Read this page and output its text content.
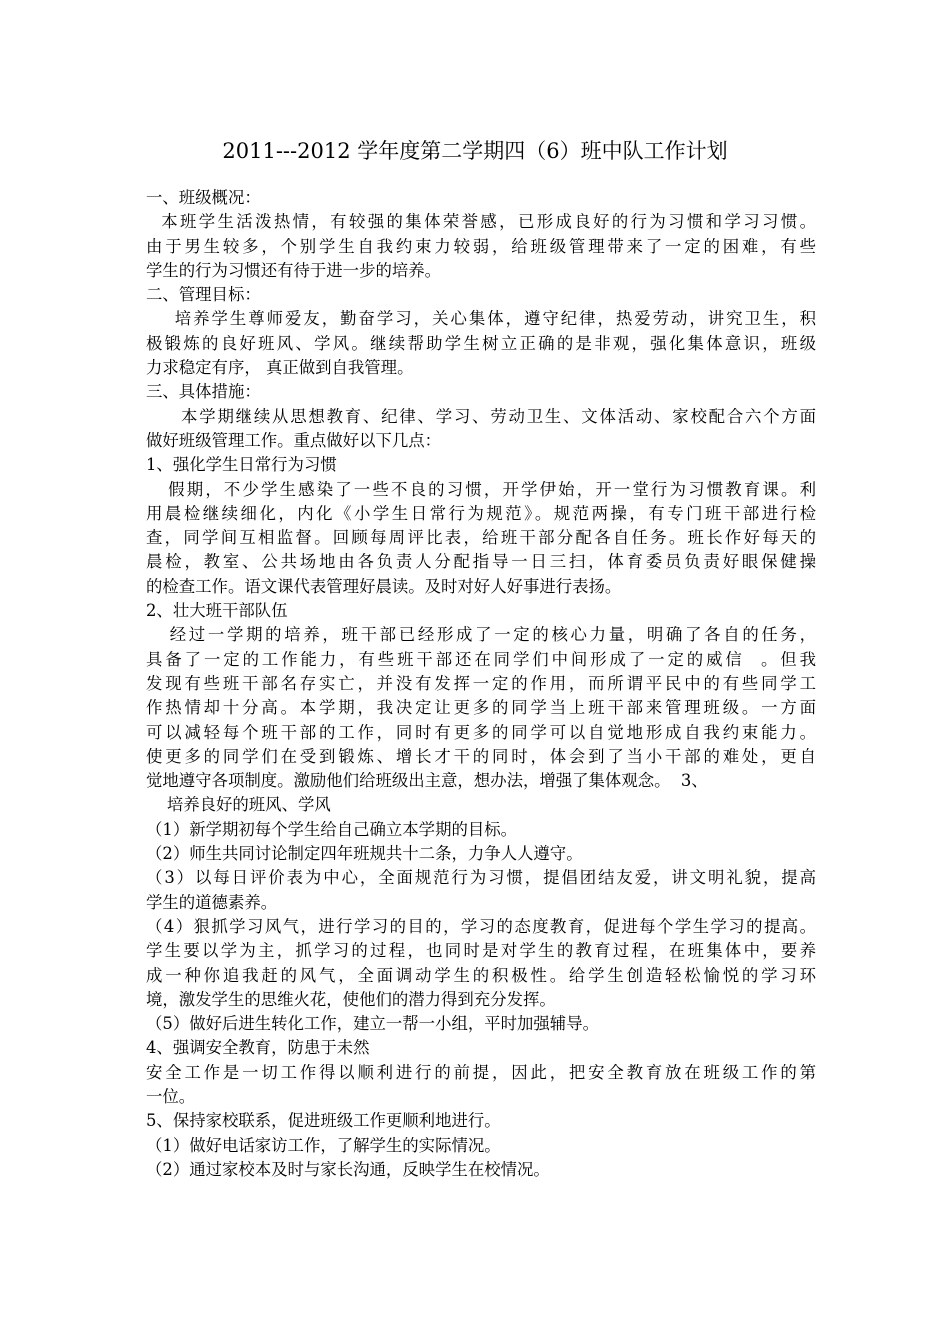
2011---2012 学年度第二学期四（6）班中队工作计划
一、班级概况：
本班学生活泼热情，有较强的集体荣誉感，已形成良好的行为习惯和学习习惯。
由于男生较多，个别学生自我约束力较弱，给班级管理带来了一定的困难，有些
学生的行为习惯还有待于进一步的培养。
二、管理目标：
培养学生尊师爱友，勤奋学习，关心集体，遵守纪律，热爱劳动，讲究卫生，积
极锻炼的良好班风、学风。继续帮助学生树立正确的是非观，强化集体意识，班级
力求稳定有序， 真正做到自我管理。
三、具体措施：
本学期继续从思想教育、纪律、学习、劳动卫生、文体活动、家校配合六个方面
做好班级管理工作。重点做好以下几点：
1、强化学生日常行为习惯
假期，不少学生感染了一些不良的习惯，开学伊始，开一堂行为习惯教育课。利
用晨检继续细化，内化《小学生日常行为规范》。规范两操，有专门班干部进行检
查，同学间互相监督。回顾每周评比表，给班干部分配各自任务。班长作好每天的
晨检，教室、公共场地由各负责人分配指导一日三扫，体育委员负责好眼保健操
的检查工作。语文课代表管理好晨读。及时对好人好事进行表扬。
2、壮大班干部队伍
经过一学期的培养，班干部已经形成了一定的核心力量，明确了各自的任务，
具备了一定的工作能力，有些班干部还在同学们中间形成了一定的威信  。但我
发现有些班干部名存实亡，并没有发挥一定的作用，而所谓平民中的有些同学工
作热情却十分高。本学期，我决定让更多的同学当上班干部来管理班级。一方面
可以减轻每个班干部的工作，同时有更多的同学可以自觉地形成自我约束能力。
使更多的同学们在受到锻炼、增长才干的同时，体会到了当小干部的难处，更自
觉地遵守各项制度。激励他们给班级出主意，想办法，增强了集体观念。  3、
培养良好的班风、学风
（1）新学期初每个学生给自己确立本学期的目标。
（2）师生共同讨论制定四年班规共十二条，力争人人遵守。
（3）以每日评价表为中心，全面规范行为习惯，提倡团结友爱，讲文明礼貌，提高
学生的道德素养。
（4）狠抓学习风气，进行学习的目的，学习的态度教育，促进每个学生学习的提高。
学生要以学为主，抓学习的过程，也同时是对学生的教育过程，在班集体中，要养
成一种你追我赶的风气，全面调动学生的积极性。给学生创造轻松愉悦的学习环
境，激发学生的思维火花，使他们的潜力得到充分发挥。
（5）做好后进生转化工作，建立一帮一小组，平时加强辅导。
4、强调安全教育，防患于未然
安全工作是一切工作得以顺利进行的前提，因此，把安全教育放在班级工作的第
一位。
5、保持家校联系，促进班级工作更顺利地进行。
（1）做好电话家访工作，了解学生的实际情况。
（2）通过家校本及时与家长沟通，反映学生在校情况。
